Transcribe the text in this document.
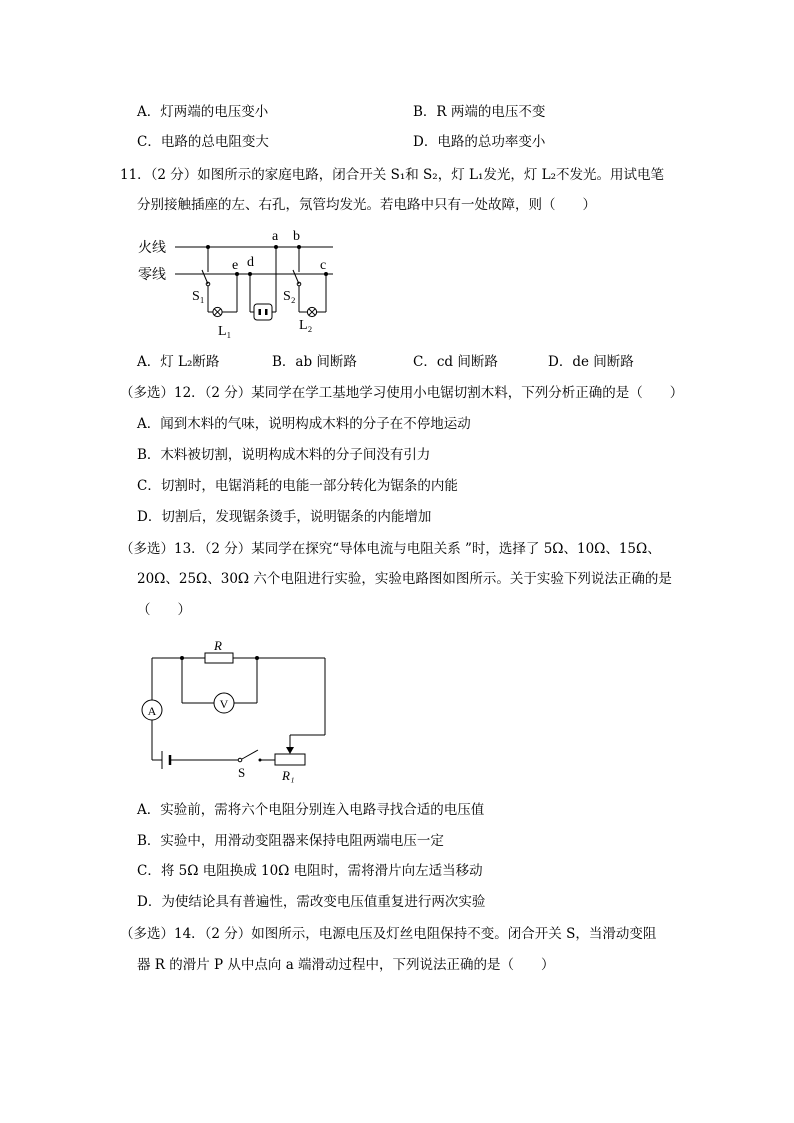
A．灯两端的电压变小	B．R 两端的电压不变
C．电路的总电阻变大	D．电路的总功率变小
11．（2 分）如图所示的家庭电路，闭合开关 S₁和 S₂，灯 L₁发光，灯 L₂不发光。用试电笔
分别接触插座的左、右孔，氖管均发光。若电路中只有一处故障，则（　　）
火线
零线
a b
c
d
e
S₁	S₂
L₁	L₂
A．灯 L₂断路	B．ab 间断路	C．cd 间断路	D．de 间断路
（多选）12．（2 分）某同学在学工基地学习使用小电锯切割木料，下列分析正确的是（　　）
A．闻到木料的气味，说明构成木料的分子在不停地运动
B．木料被切割，说明构成木料的分子间没有引力
C．切割时，电锯消耗的电能一部分转化为锯条的内能
D．切割后，发现锯条烫手，说明锯条的内能增加
（多选）13．（2 分）某同学在探究“导体电流与电阻关系 ”时，选择了 5Ω、10Ω、15Ω、
20Ω、25Ω、30Ω 六个电阻进行实验，实验电路图如图所示。关于实验下列说法正确的是
（　　）
V
A
R
S	R₁
A．实验前，需将六个电阻分别连入电路寻找合适的电压值
B．实验中，用滑动变阻器来保持电阻两端电压一定
C．将 5Ω 电阻换成 10Ω 电阻时，需将滑片向左适当移动
D．为使结论具有普遍性，需改变电压值重复进行两次实验
（多选）14．（2 分）如图所示，电源电压及灯丝电阻保持不变。闭合开关 S，当滑动变阻
器 R 的滑片 P 从中点向 a 端滑动过程中，下列说法正确的是（　　）
